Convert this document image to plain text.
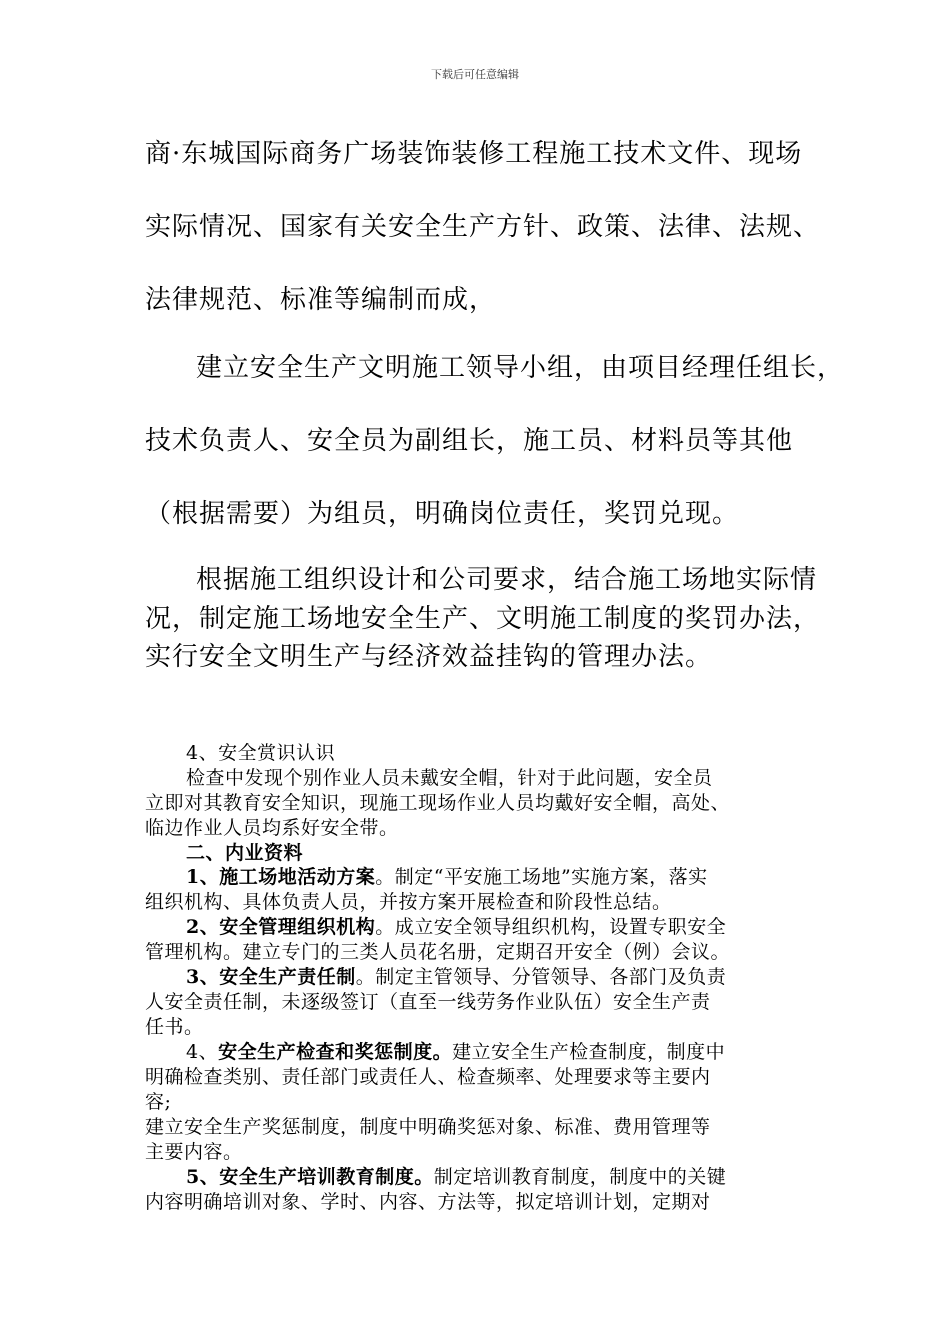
下载后可任意编辑
商·东城国际商务广场装饰装修工程施工技术文件、现场
实际情况、国家有关安全生产方针、政策、法律、法规、
法律规范、标准等编制而成，
建立安全生产文明施工领导小组，由项目经理任组长，
技术负责人、安全员为副组长，施工员、材料员等其他
（根据需要）为组员，明确岗位责任，奖罚兑现。
根据施工组织设计和公司要求，结合施工场地实际情
况，制定施工场地安全生产、文明施工制度的奖罚办法，
实行安全文明生产与经济效益挂钩的管理办法。
4、安全赏识认识
检查中发现个别作业人员未戴安全帽，针对于此问题，安全员
立即对其教育安全知识，现施工现场作业人员均戴好安全帽，高处、
临边作业人员均系好安全带。
二、内业资料
1、施工场地活动方案。制定“平安施工场地”实施方案，落实
组织机构、具体负责人员，并按方案开展检查和阶段性总结。
2、安全管理组织机构。成立安全领导组织机构，设置专职安全
管理机构。建立专门的三类人员花名册，定期召开安全（例）会议。
3、安全生产责任制。制定主管领导、分管领导、各部门及负责
人安全责任制，未逐级签订（直至一线劳务作业队伍）安全生产责
任书。
4、安全生产检查和奖惩制度。建立安全生产检查制度，制度中
明确检查类别、责任部门或责任人、检查频率、处理要求等主要内
容;
建立安全生产奖惩制度，制度中明确奖惩对象、标准、费用管理等
主要内容。
5、安全生产培训教育制度。制定培训教育制度，制度中的关键
内容明确培训对象、学时、内容、方法等，拟定培训计划，定期对
